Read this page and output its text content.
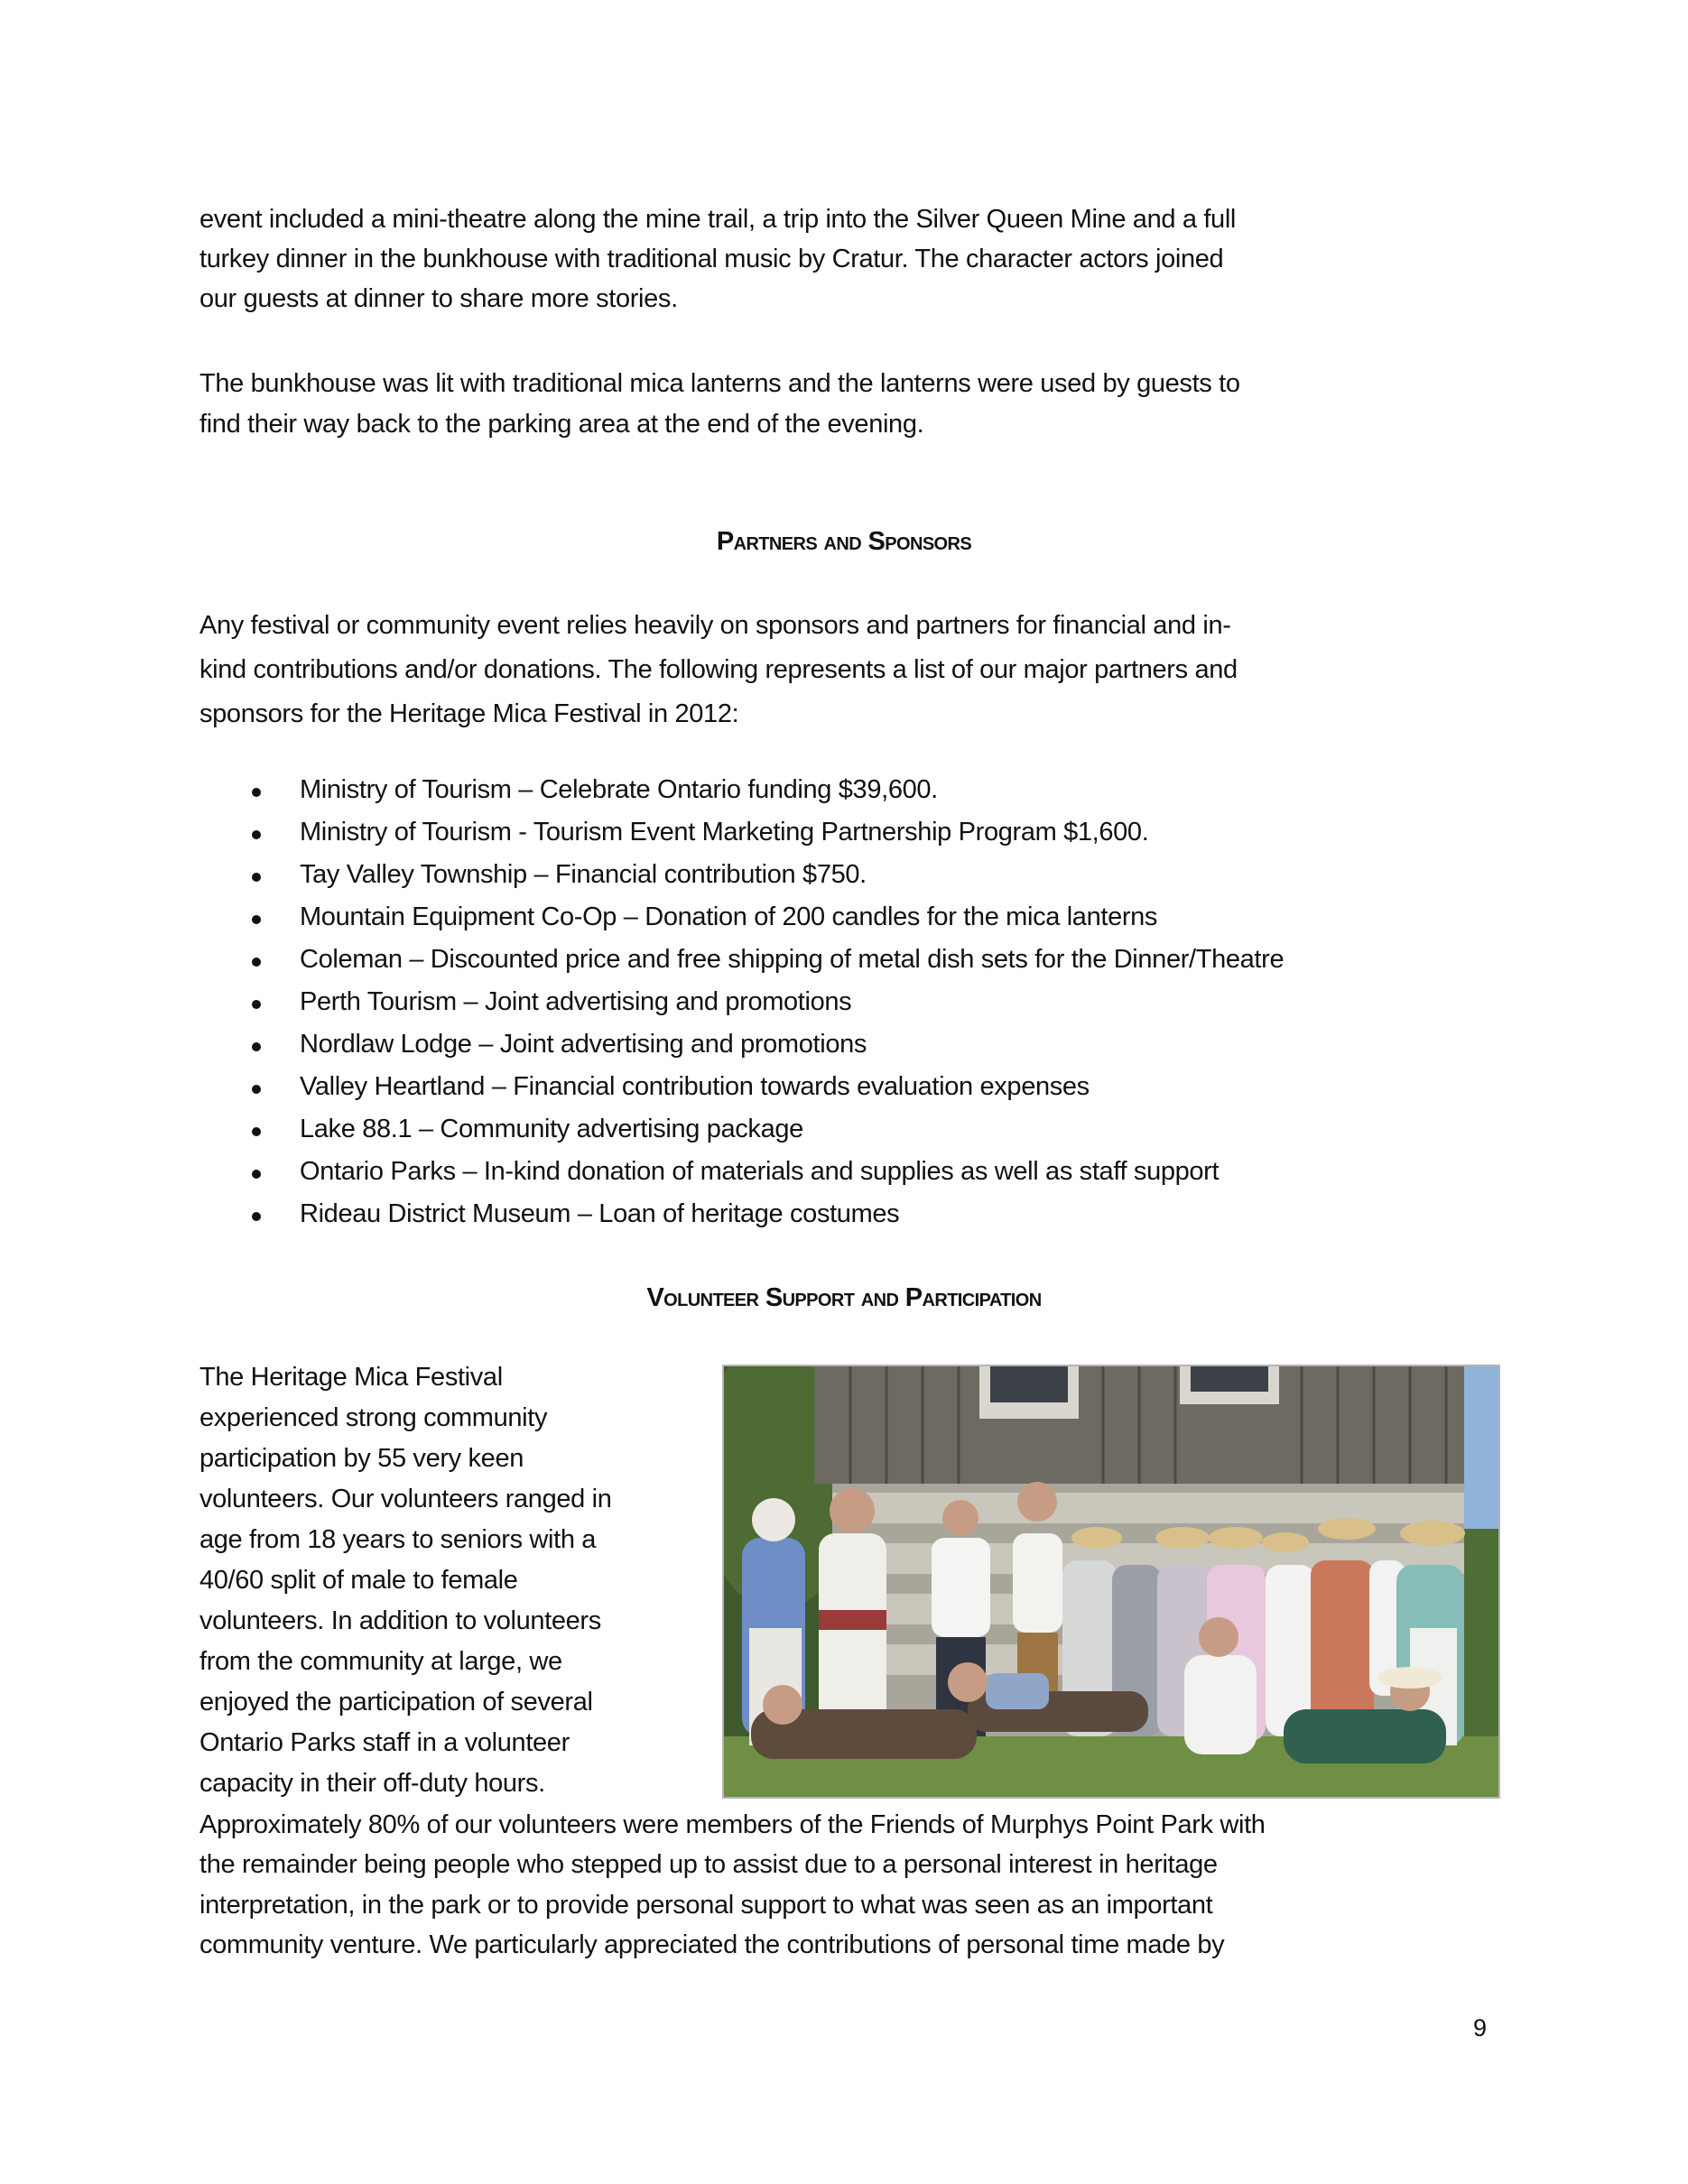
event included a mini-theatre along the mine trail, a trip into the Silver Queen Mine and a full
turkey dinner in the bunkhouse with traditional music by Cratur. The character actors joined
our guests at dinner to share more stories.
The bunkhouse was lit with traditional mica lanterns and the lanterns were used by guests to
find their way back to the parking area at the end of the evening.
Partners and Sponsors
Any festival or community event relies heavily on sponsors and partners for financial and in-
kind contributions and/or donations. The following represents a list of our major partners and
sponsors for the Heritage Mica Festival in 2012:
Ministry of Tourism – Celebrate Ontario funding $39,600.
Ministry of Tourism - Tourism Event Marketing Partnership Program $1,600.
Tay Valley Township – Financial contribution $750.
Mountain Equipment Co-Op – Donation of 200 candles for the mica lanterns
Coleman – Discounted price and free shipping of metal dish sets for the Dinner/Theatre
Perth Tourism – Joint advertising and promotions
Nordlaw Lodge – Joint advertising and promotions
Valley Heartland – Financial contribution towards evaluation expenses
Lake 88.1 – Community advertising package
Ontario Parks – In-kind donation of materials and supplies as well as staff support
Rideau District Museum – Loan of heritage costumes
Volunteer Support and Participation
The Heritage Mica Festival
experienced strong community
participation by 55 very keen
volunteers. Our volunteers ranged in
age from 18 years to seniors with a
40/60 split of male to female
volunteers. In addition to volunteers
from the community at large, we
enjoyed the participation of several
Ontario Parks staff in a volunteer
capacity in their off-duty hours.
Approximately 80% of our volunteers were members of the Friends of Murphys Point Park with
the remainder being people who stepped up to assist due to a personal interest in heritage
interpretation, in the park or to provide personal support to what was seen as an important
community venture. We particularly appreciated the contributions of personal time made by
9
